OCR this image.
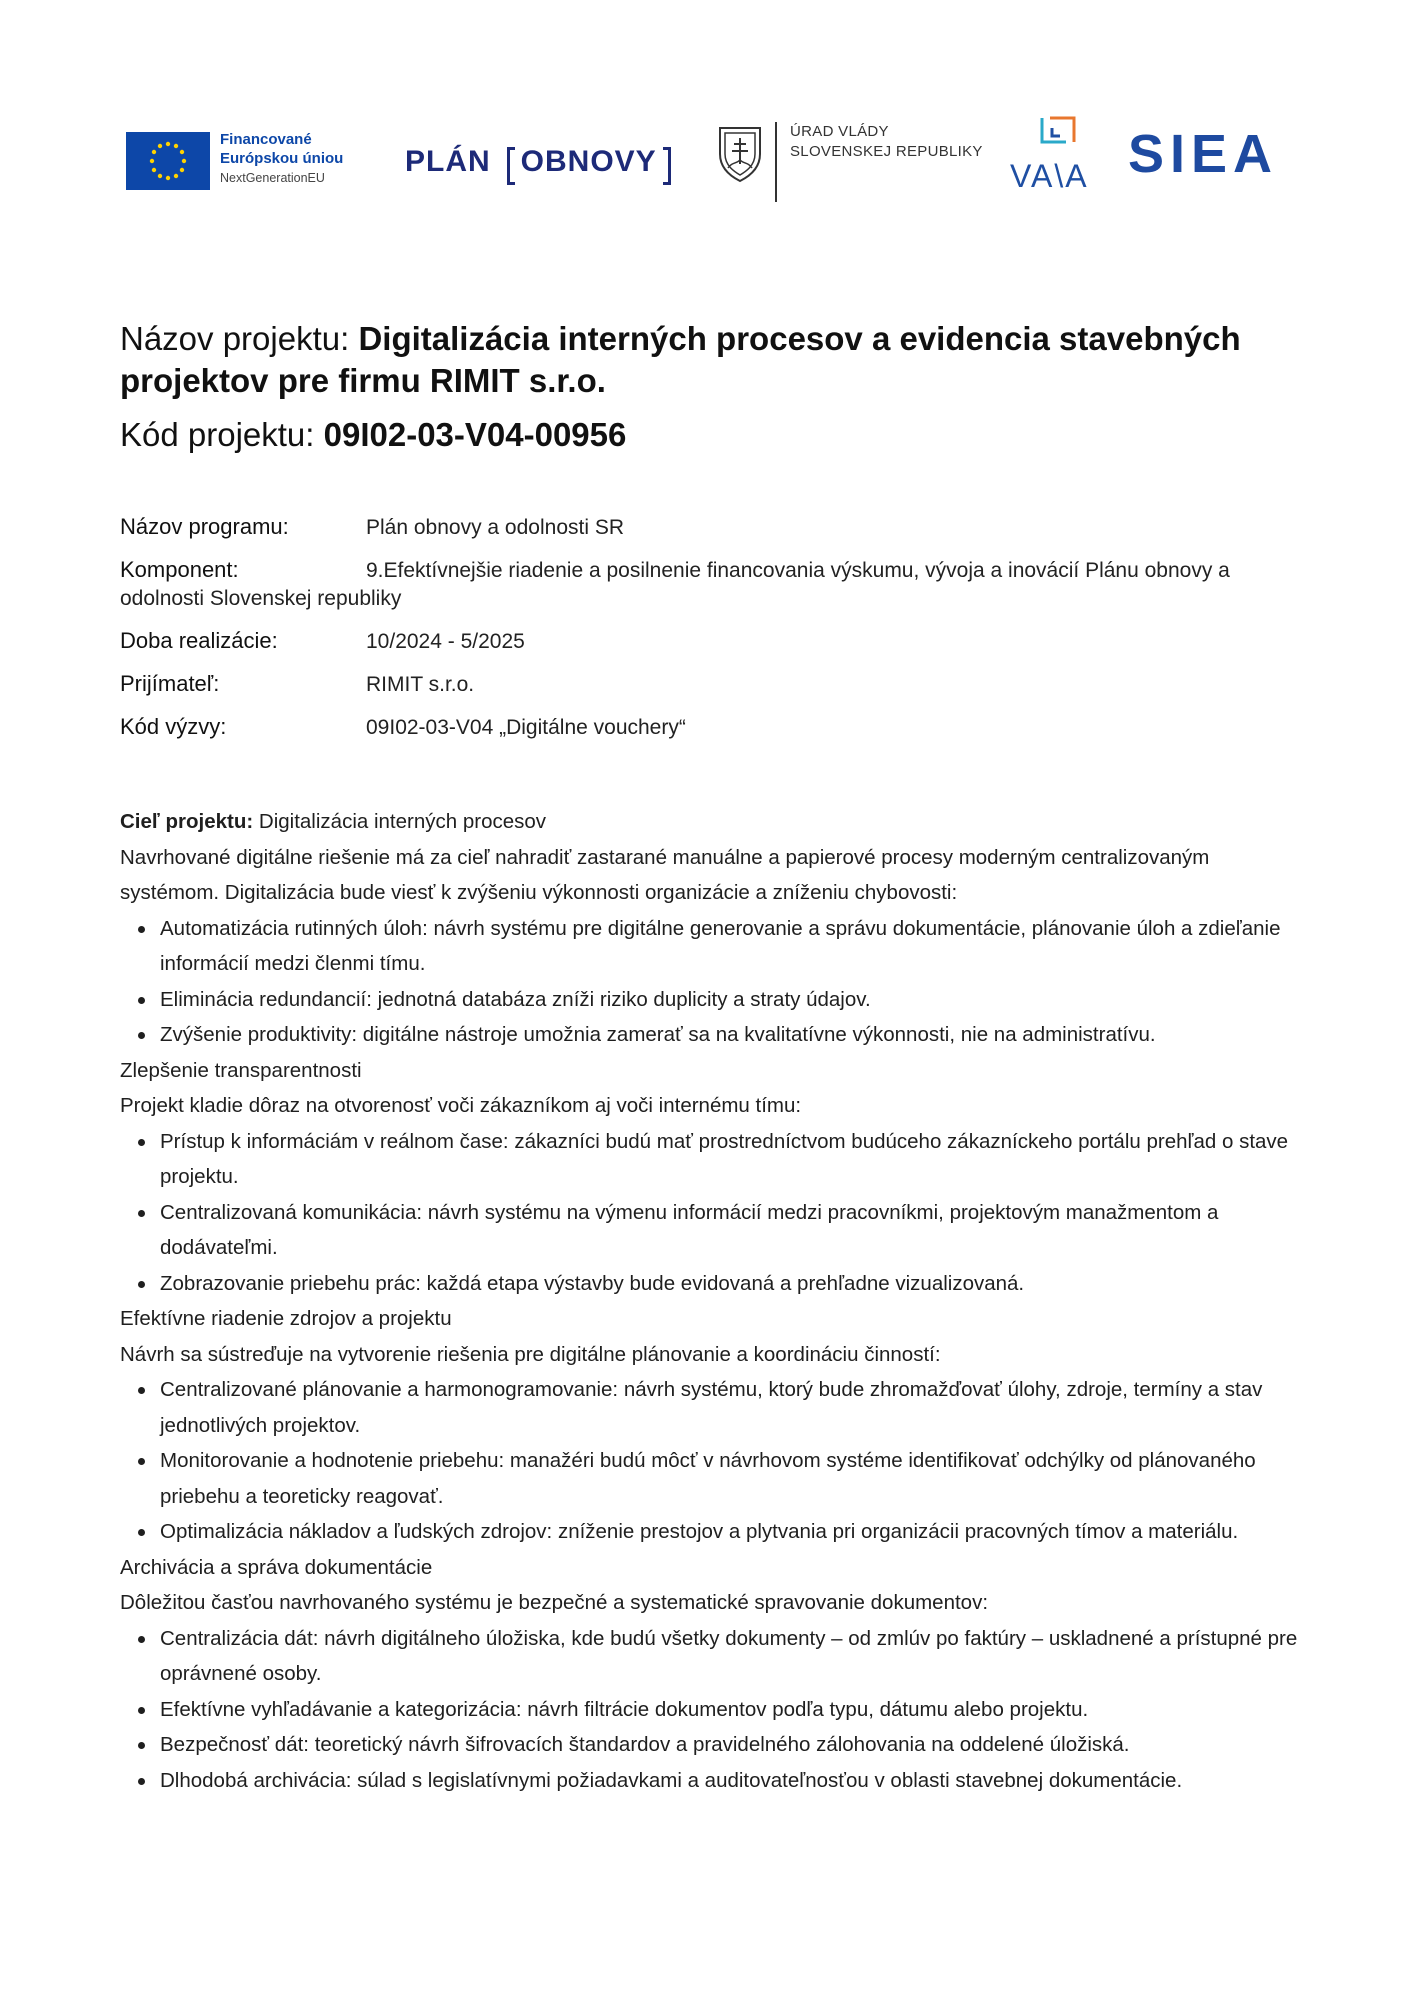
Financované
Európskou úniou
NextGenerationEU	PLÁN	OBNOVY
ÚRAD VLÁDY
SLOVENSKEJ REPUBLIKY
VA\A SIEA
Názov projektu: Digitalizácia interných procesov a evidencia stavebných projektov pre firmu RIMIT s.r.o.
Kód projektu: 09I02-03-V04-00956
Názov programu:	Plán obnovy a odolnosti SR
Komponent:	9.Efektívnejšie riadenie a posilnenie financovania výskumu, vývoja a inovácií Plánu obnovy a odolnosti Slovenskej republiky
Doba realizácie:	10/2024 - 5/2025
Prijímateľ:	RIMIT s.r.o.
Kód výzvy:	09I02-03-V04 „Digitálne vouchery“

Cieľ projektu: Digitalizácia interných procesov

Navrhované digitálne riešenie má za cieľ nahradiť zastarané manuálne a papierové procesy moderným centralizovaným systémom. Digitalizácia bude viesť k zvýšeniu výkonnosti organizácie a zníženiu chybovosti:

Automatizácia rutinných úloh: návrh systému pre digitálne generovanie a správu dokumentácie, plánovanie úloh a zdieľanie informácií medzi členmi tímu.
Eliminácia redundancií: jednotná databáza zníži riziko duplicity a straty údajov.
Zvýšenie produktivity: digitálne nástroje umožnia zamerať sa na kvalitatívne výkonnosti, nie na administratívu.

Zlepšenie transparentnosti

Projekt kladie dôraz na otvorenosť voči zákazníkom aj voči internému tímu:

Prístup k informáciám v reálnom čase: zákazníci budú mať prostredníctvom budúceho zákazníckeho portálu prehľad o stave projektu.
Centralizovaná komunikácia: návrh systému na výmenu informácií medzi pracovníkmi, projektovým manažmentom a dodávateľmi.
Zobrazovanie priebehu prác: každá etapa výstavby bude evidovaná a prehľadne vizualizovaná.

Efektívne riadenie zdrojov a projektu

Návrh sa sústreďuje na vytvorenie riešenia pre digitálne plánovanie a koordináciu činností:

Centralizované plánovanie a harmonogramovanie: návrh systému, ktorý bude zhromažďovať úlohy, zdroje, termíny a stav jednotlivých projektov.
Monitorovanie a hodnotenie priebehu: manažéri budú môcť v návrhovom systéme identifikovať odchýlky od plánovaného priebehu a teoreticky reagovať.
Optimalizácia nákladov a ľudských zdrojov: zníženie prestojov a plytvania pri organizácii pracovných tímov a materiálu.

Archivácia a správa dokumentácie

Dôležitou časťou navrhovaného systému je bezpečné a systematické spravovanie dokumentov:

Centralizácia dát: návrh digitálneho úložiska, kde budú všetky dokumenty – od zmlúv po faktúry – uskladnené a prístupné pre oprávnené osoby.
Efektívne vyhľadávanie a kategorizácia: návrh filtrácie dokumentov podľa typu, dátumu alebo projektu.
Bezpečnosť dát: teoretický návrh šifrovacích štandardov a pravidelného zálohovania na oddelené úložiská.
Dlhodobá archivácia: súlad s legislatívnymi požiadavkami a auditovateľnosťou v oblasti stavebnej dokumentácie.
